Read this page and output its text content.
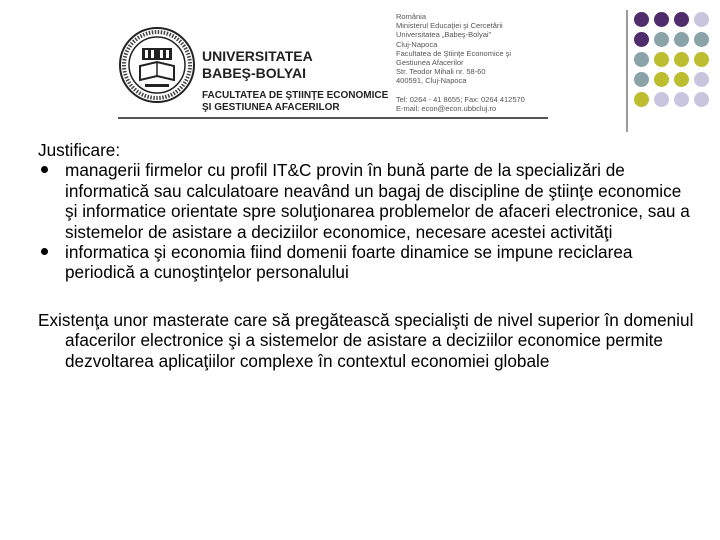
UNIVERSITATEA
BABEŞ-BOLYAI
FACULTATEA DE ŞTIINŢE ECONOMICE
ŞI GESTIUNEA AFACERILOR
România
Ministerul Educaţiei şi Cercetării
Universitatea „Babeş-Bolyai”
Cluj-Napoca
Facultatea de Ştiinţe Economice şi
Gestiunea Afacerilor
Str. Teodor Mihali nr. 58-60
400591, Cluj-Napoca

Tel: 0264 - 41 8655; Fax: 0264 412570
E-mail: econ@econ.ubbcluj.ro

Justificare:

managerii firmelor cu profil IT&C provin în bună parte de la specializări de informatică sau calculatoare neavând un bagaj de discipline de ştiinţe economice şi informatice orientate spre soluţionarea problemelor de afaceri electronice, sau a sistemelor de asistare a deciziilor economice, necesare acestei activităţi
informatica şi economia fiind domenii foarte dinamice se impune reciclarea periodică a cunoştinţelor personalului

Existenţa unor masterate care să pregătească specialişti de nivel superior în domeniul afacerilor electronice şi a sistemelor de asistare a deciziilor economice permite dezvoltarea aplicaţiilor complexe în contextul economiei globale
